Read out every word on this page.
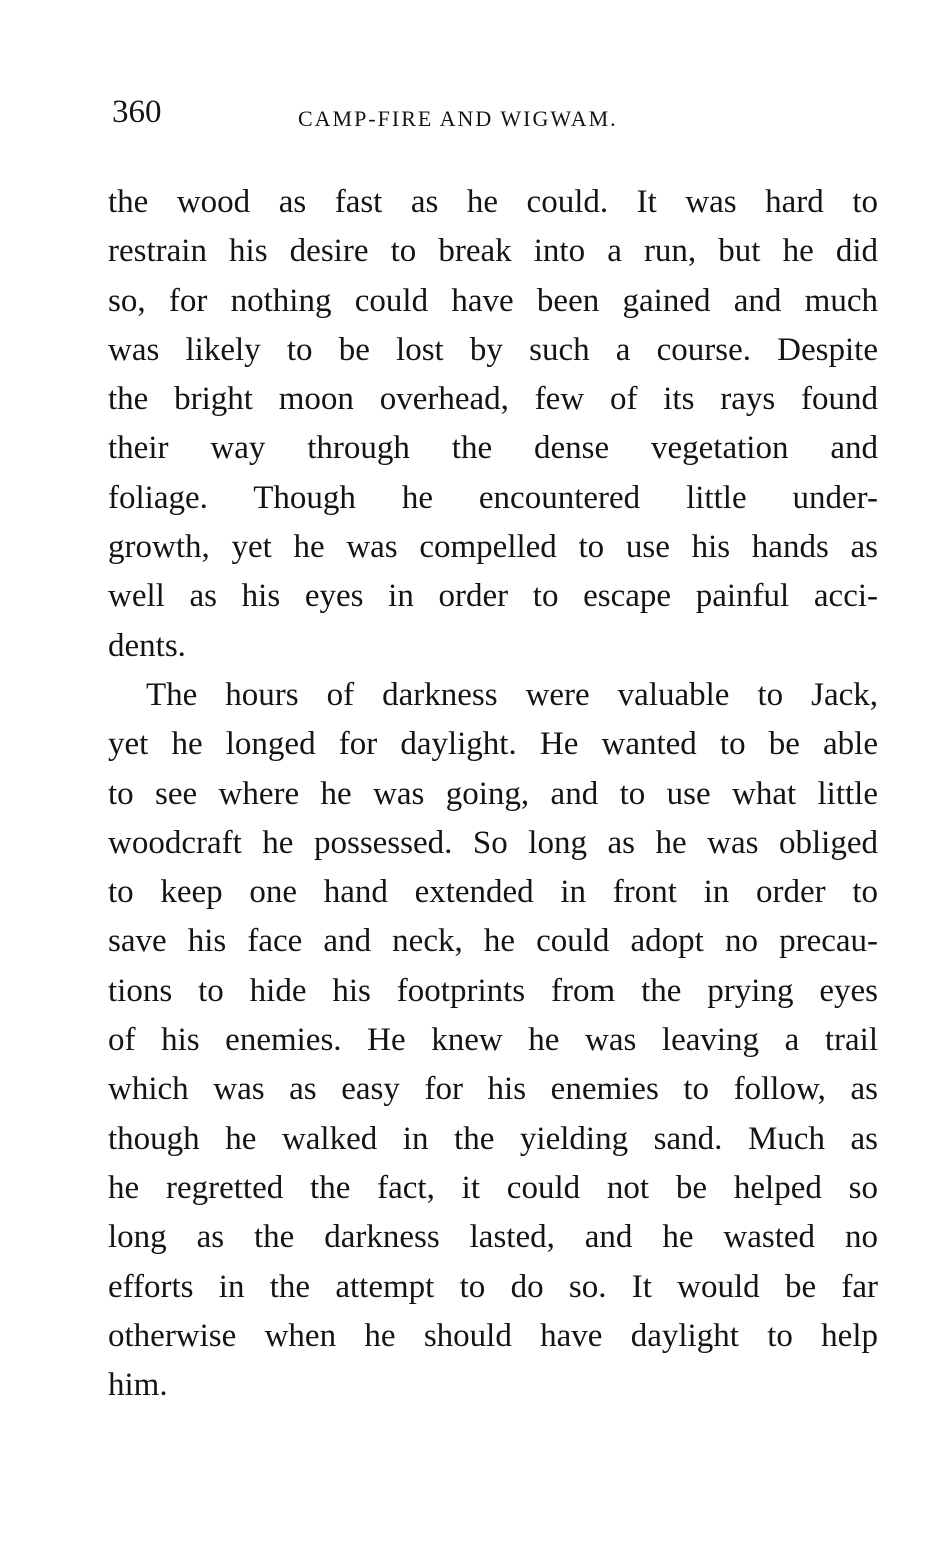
360	CAMP-FIRE AND WIGWAM.
the wood as fast as he could. It was hard to
restrain his desire to break into a run, but he did
so, for nothing could have been gained and much
was likely to be lost by such a course. Despite
the bright moon overhead, few of its rays found
their way through the dense vegetation and
foliage. Though he encountered little under-
growth, yet he was compelled to use his hands as
well as his eyes in order to escape painful acci-
dents.
The hours of darkness were valuable to Jack,
yet he longed for daylight. He wanted to be able
to see where he was going, and to use what little
woodcraft he possessed. So long as he was obliged
to keep one hand extended in front in order to
save his face and neck, he could adopt no precau-
tions to hide his footprints from the prying eyes
of his enemies. He knew he was leaving a trail
which was as easy for his enemies to follow, as
though he walked in the yielding sand. Much as
he regretted the fact, it could not be helped so
long as the darkness lasted, and he wasted no
efforts in the attempt to do so. It would be far
otherwise when he should have daylight to help
him.
